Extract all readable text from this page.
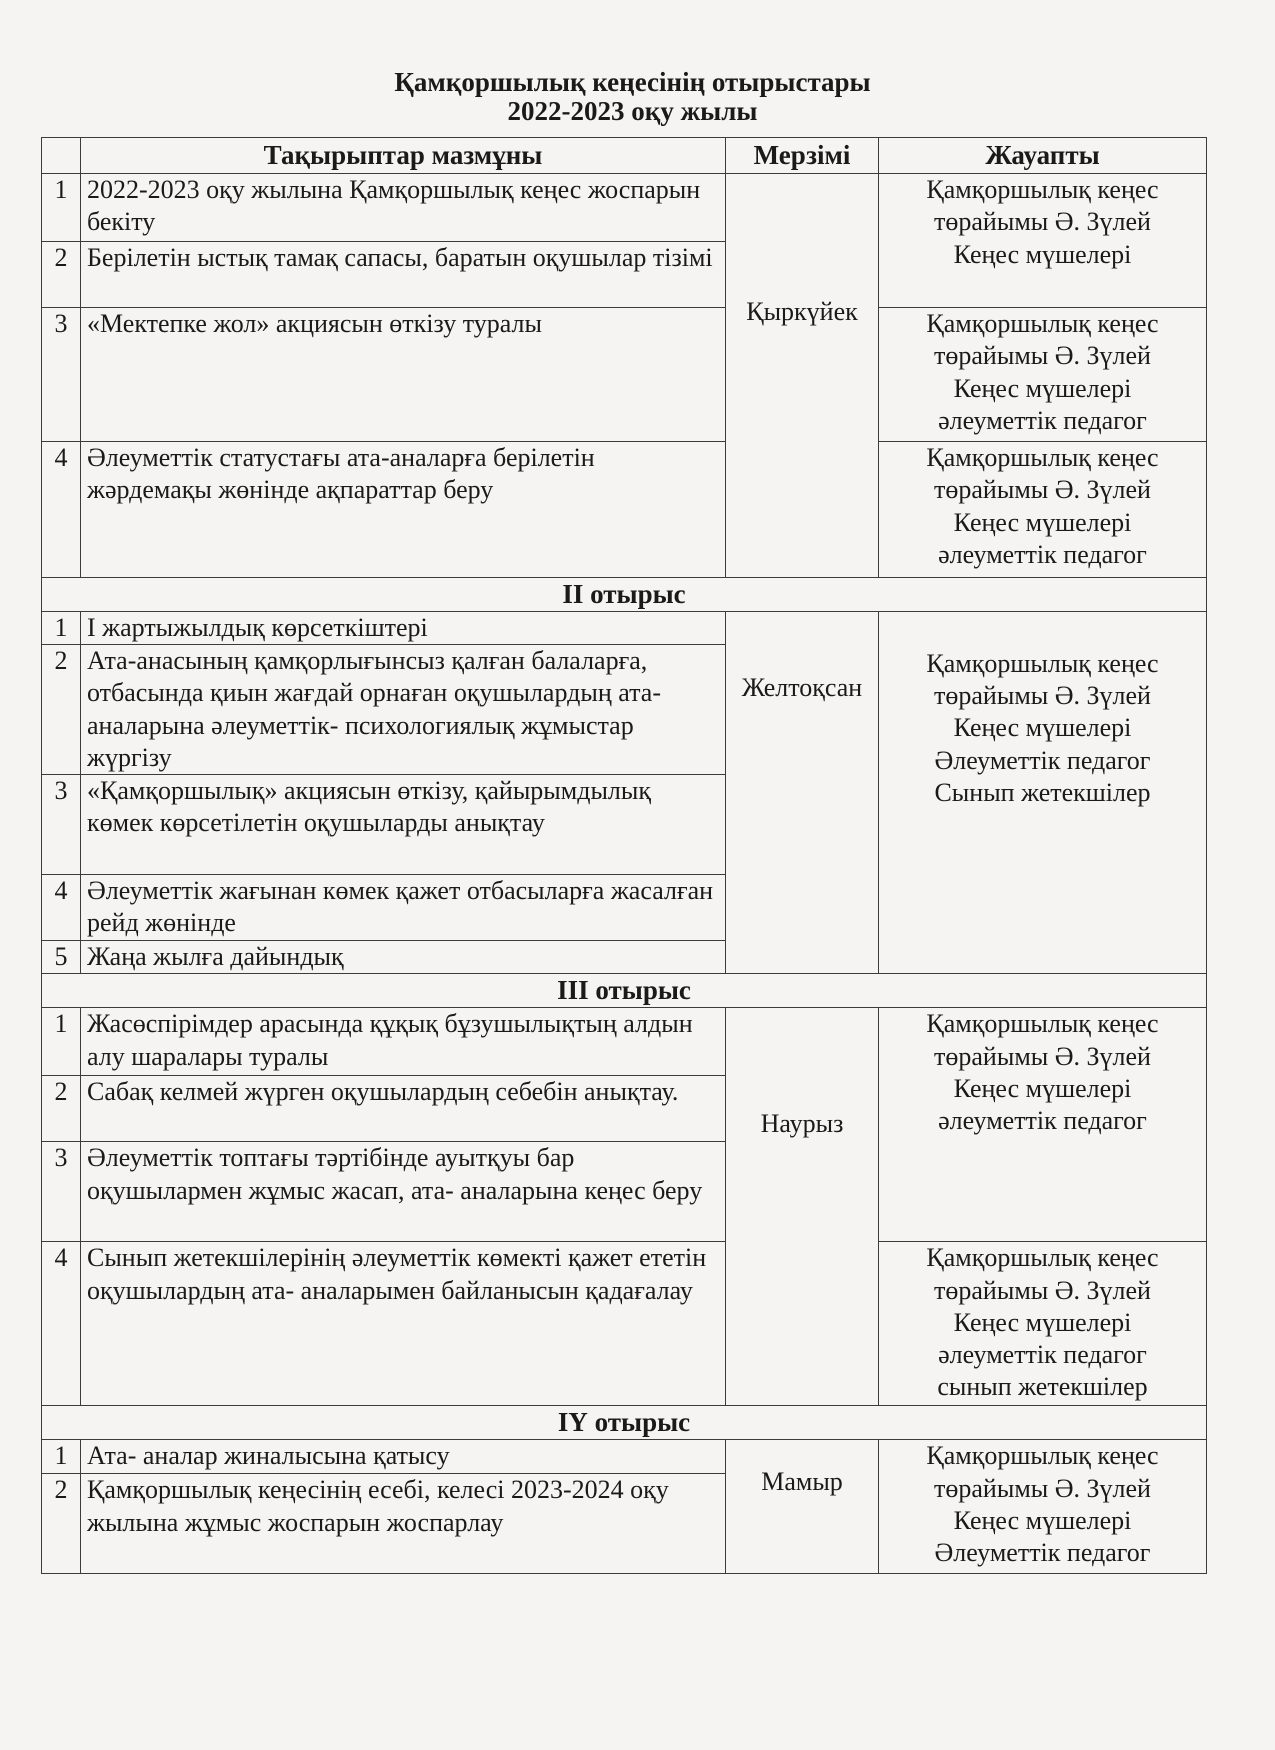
Қамқоршылық кеңесінің отырыстары
2022-2023 оқу жылы
	Тақырыптар мазмұны	Мерзімі	Жауапты
1	2022-2023 оқу жылына Қамқоршылық кеңес жоспарын бекіту	Қыркүйек	Қамқоршылық кеңес
төрайымы Ә. Зүлей
Кеңес мүшелері

2	Берілетін ыстық тамақ сапасы, баратын оқушылар тізімі		
3	«Мектепке жол» акциясын өткізу туралы		Қамқоршылық кеңес
төрайымы Ә. Зүлей
Кеңес мүшелері
әлеуметтік педагог

4	Әлеуметтік статустағы ата-аналарға берілетін жәрдемақы жөнінде ақпараттар беру		Қамқоршылық кеңес
төрайымы Ә. Зүлей
Кеңес мүшелері
әлеуметтік педагог

ІІ отырыс			
1	І жартыжылдық көрсеткіштері	Желтоқсан	Қамқоршылық кеңес
төрайымы Ә. Зүлей
Кеңес мүшелері
Әлеуметтік педагог
Сынып жетекшілер

2	Ата-анасының қамқорлығынсыз қалған балаларға, отбасында қиын жағдай орнаған оқушылардың ата-аналарына әлеуметтік- психологиялық жұмыстар жүргізу		
3	«Қамқоршылық» акциясын өткізу, қайырымдылық көмек көрсетілетін оқушыларды анықтау		
4	Әлеуметтік жағынан көмек қажет отбасыларға жасалған рейд жөнінде		
5	Жаңа жылға дайындық		
ІІІ отырыс			
1	Жасөспірімдер арасында құқық бұзушылықтың алдын алу шаралары туралы	Наурыз	Қамқоршылық кеңес
төрайымы Ә. Зүлей
Кеңес мүшелері
әлеуметтік педагог

2	Сабақ келмей жүрген оқушылардың себебін анықтау.		
3	Әлеуметтік топтағы тәртібінде ауытқуы бар оқушылармен жұмыс жасап, ата- аналарына кеңес беру		
4	Сынып жетекшілерінің әлеуметтік көмекті қажет ететін оқушылардың ата- аналарымен байланысын қадағалау		Қамқоршылық кеңес
төрайымы Ә. Зүлей
Кеңес мүшелері
әлеуметтік педагог
сынып жетекшілер

ІҮ отырыс			
1	Ата- аналар жиналысына қатысу	Мамыр	Қамқоршылық кеңес
төрайымы Ә. Зүлей
Кеңес мүшелері
Әлеуметтік педагог

2	Қамқоршылық кеңесінің есебі, келесі 2023-2024 оқу жылына жұмыс жоспарын жоспарлау		
